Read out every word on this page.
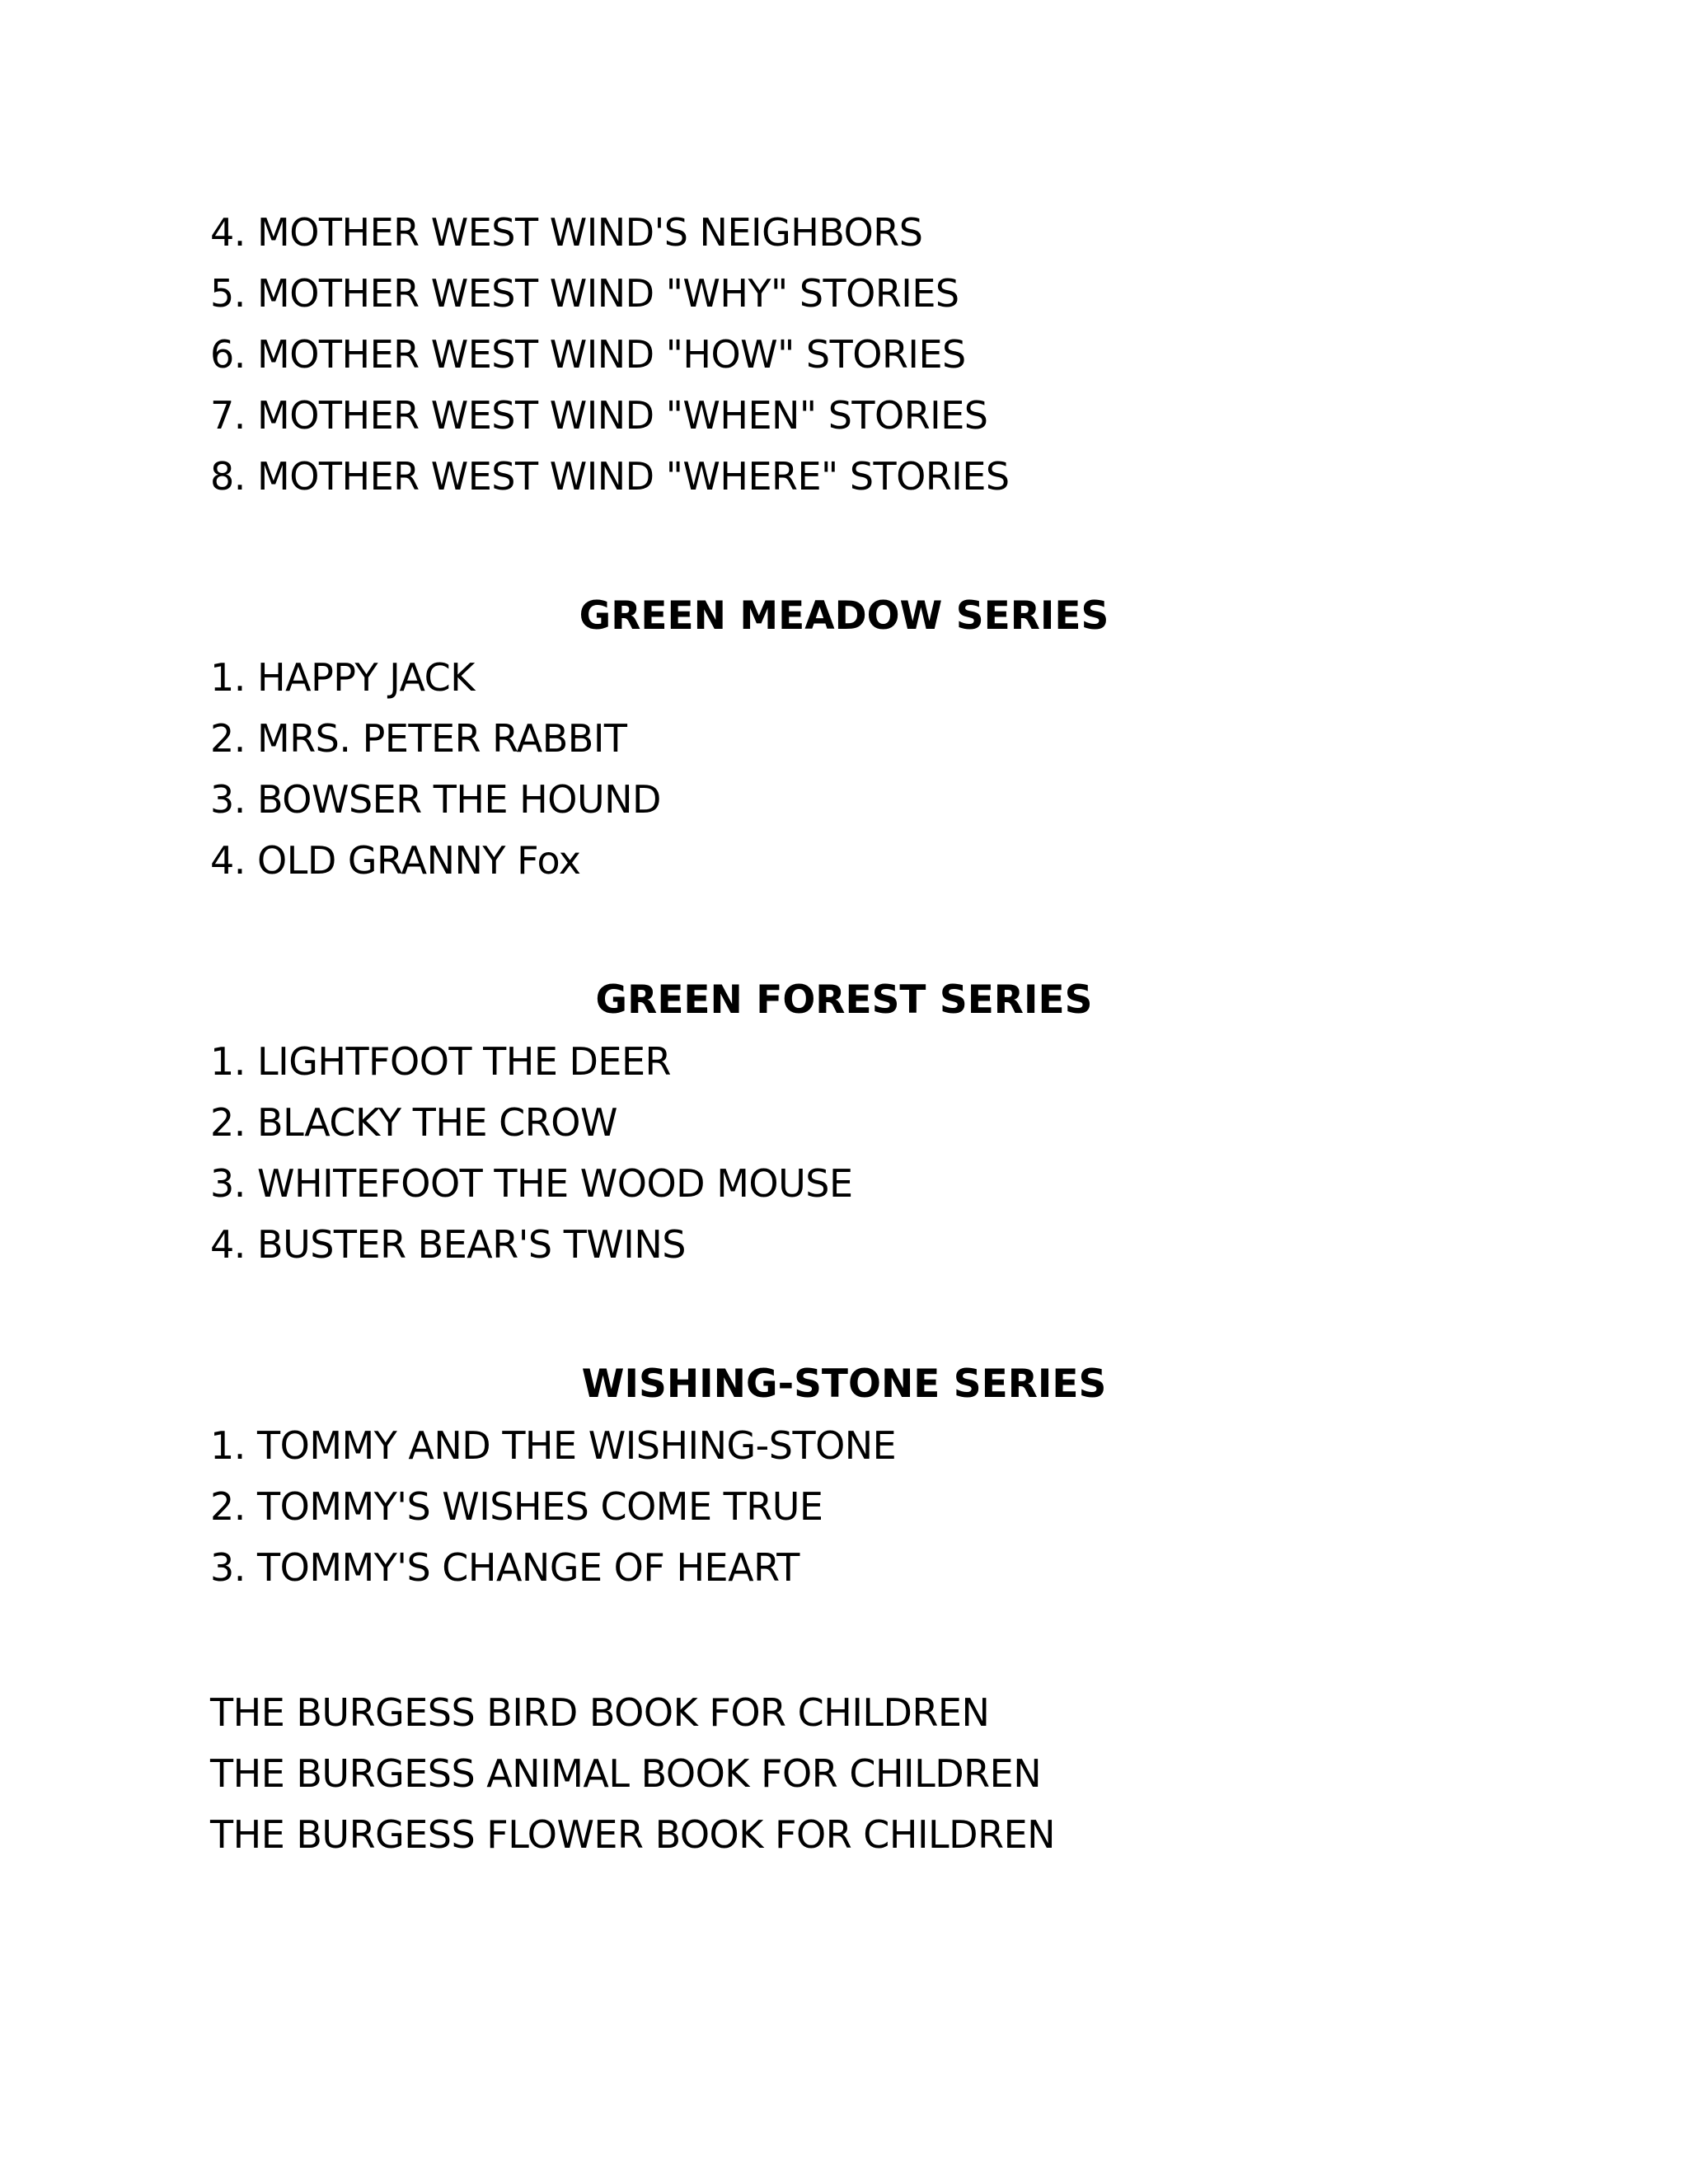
4. MOTHER WEST WIND'S NEIGHBORS
5. MOTHER WEST WIND "WHY" STORIES
6. MOTHER WEST WIND "HOW" STORIES
7. MOTHER WEST WIND "WHEN" STORIES
8. MOTHER WEST WIND "WHERE" STORIES
GREEN MEADOW SERIES
1. HAPPY JACK
2. MRS. PETER RABBIT
3. BOWSER THE HOUND
4. OLD GRANNY Fox
GREEN FOREST SERIES
1. LIGHTFOOT THE DEER
2. BLACKY THE CROW
3. WHITEFOOT THE WOOD MOUSE
4. BUSTER BEAR'S TWINS
WISHING-STONE SERIES
1. TOMMY AND THE WISHING-STONE
2. TOMMY'S WISHES COME TRUE
3. TOMMY'S CHANGE OF HEART
THE BURGESS BIRD BOOK FOR CHILDREN
THE BURGESS ANIMAL BOOK FOR CHILDREN
THE BURGESS FLOWER BOOK FOR CHILDREN
